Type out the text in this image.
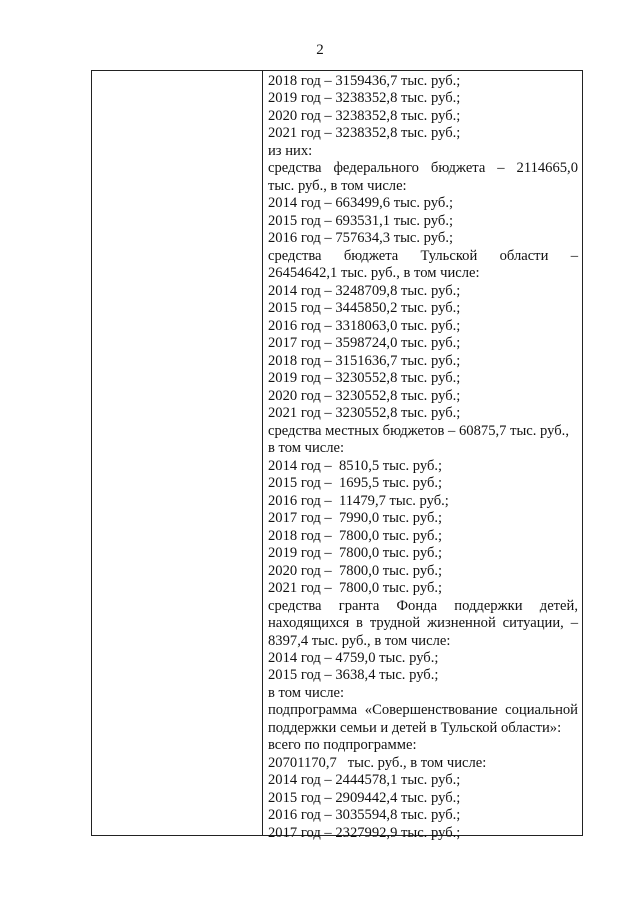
2
2018 год – 3159436,7 тыс. руб.;
2019 год – 3238352,8 тыс. руб.;
2020 год – 3238352,8 тыс. руб.;
2021 год – 3238352,8 тыс. руб.;
из них:
средства федерального бюджета – 2114665,0
тыс. руб., в том числе:
2014 год – 663499,6 тыс. руб.;
2015 год – 693531,1 тыс. руб.;
2016 год – 757634,3 тыс. руб.;
средства бюджета Тульской области –
26454642,1 тыс. руб., в том числе:
2014 год – 3248709,8 тыс. руб.;
2015 год – 3445850,2 тыс. руб.;
2016 год – 3318063,0 тыс. руб.;
2017 год – 3598724,0 тыс. руб.;
2018 год – 3151636,7 тыс. руб.;
2019 год – 3230552,8 тыс. руб.;
2020 год – 3230552,8 тыс. руб.;
2021 год – 3230552,8 тыс. руб.;
средства местных бюджетов – 60875,7 тыс. руб.,
в том числе:
2014 год –  8510,5 тыс. руб.;
2015 год –  1695,5 тыс. руб.;
2016 год –  11479,7 тыс. руб.;
2017 год –  7990,0 тыс. руб.;
2018 год –  7800,0 тыс. руб.;
2019 год –  7800,0 тыс. руб.;
2020 год –  7800,0 тыс. руб.;
2021 год –  7800,0 тыс. руб.;
средства гранта Фонда поддержки детей,
находящихся в трудной жизненной ситуации, –
8397,4 тыс. руб., в том числе:
2014 год – 4759,0 тыс. руб.;
2015 год – 3638,4 тыс. руб.;
в том числе:
подпрограмма «Совершенствование социальной
поддержки семьи и детей в Тульской области»:
всего по подпрограмме:
20701170,7   тыс. руб., в том числе:
2014 год – 2444578,1 тыс. руб.;
2015 год – 2909442,4 тыс. руб.;
2016 год – 3035594,8 тыс. руб.;
2017 год – 2327992,9 тыс. руб.;
